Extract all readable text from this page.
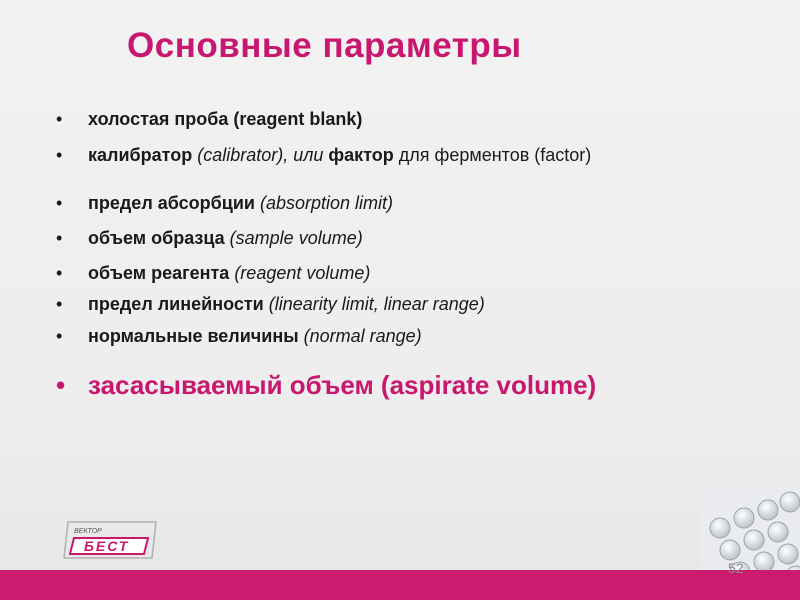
Основные параметры
• холостая проба (reagent blank)
• калибратор (calibrator), или фактор для ферментов (factor)
• предел абсорбции (absorption limit)
• объем образца (sample volume)
• объем реагента (reagent volume)
• предел линейности (linearity limit, linear range)
• нормальные величины (normal range)
• засасываемый объем (aspirate volume)
ВЕКТОР
БЕСТ
52
